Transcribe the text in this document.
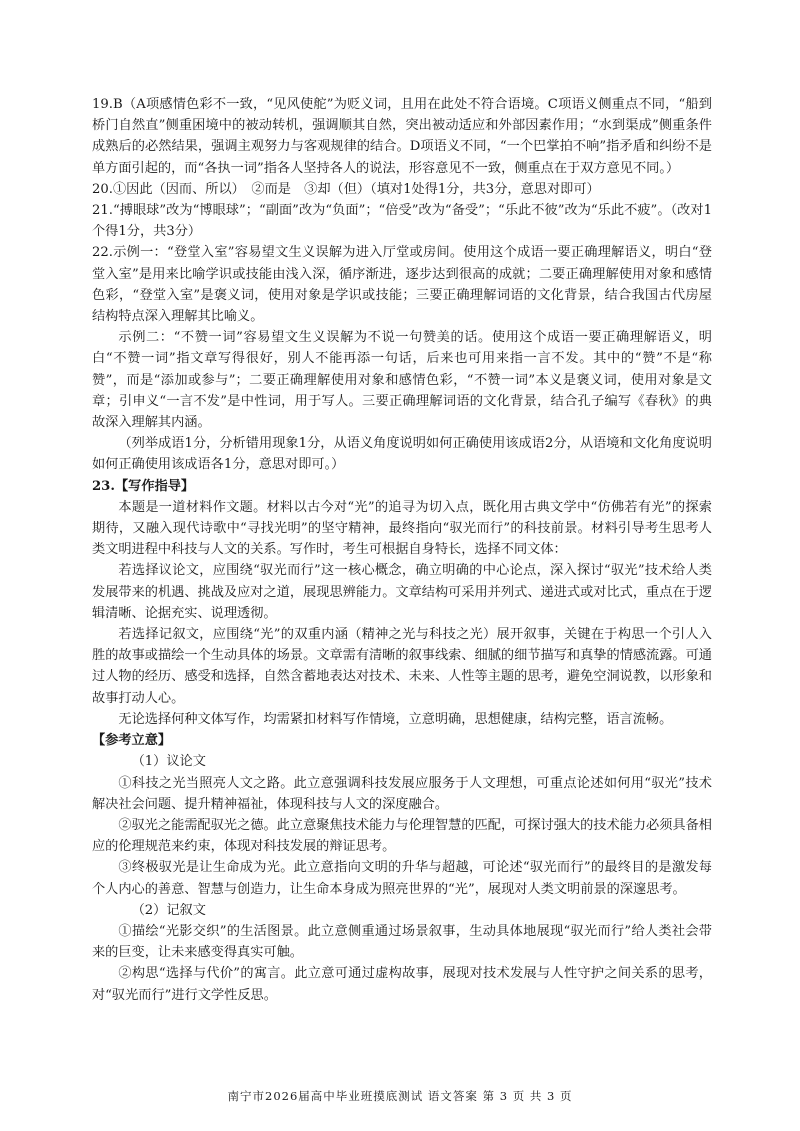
19.B（A项感情色彩不一致，“见风使舵”为贬义词，且用在此处不符合语境。C项语义侧重点不同，“船到桥门自然直”侧重困境中的被动转机，强调顺其自然，突出被动适应和外部因素作用；“水到渠成”侧重条件成熟后的必然结果，强调主观努力与客观规律的结合。D项语义不同，“一个巴掌拍不响”指矛盾和纠纷不是单方面引起的，而“各执一词”指各人坚持各人的说法，形容意见不一致，侧重点在于双方意见不同。）

20.①因此（因而、所以）　②而是　③却（但）（填对1处得1分，共3分，意思对即可）

21.“搏眼球”改为“博眼球”；“副面”改为“负面”；“倍受”改为“备受”；“乐此不彼”改为“乐此不疲”。（改对1个得1分，共3分）

22.示例一：“登堂入室”容易望文生义误解为进入厅堂或房间。使用这个成语一要正确理解语义，明白“登堂入室”是用来比喻学识或技能由浅入深，循序渐进，逐步达到很高的成就；二要正确理解使用对象和感情色彩，“登堂入室”是褒义词，使用对象是学识或技能；三要正确理解词语的文化背景，结合我国古代房屋结构特点深入理解其比喻义。

示例二：“不赞一词”容易望文生义误解为不说一句赞美的话。使用这个成语一要正确理解语义，明白“不赞一词”指文章写得很好，别人不能再添一句话，后来也可用来指一言不发。其中的“赞”不是“称赞”，而是“添加或参与”；二要正确理解使用对象和感情色彩，“不赞一词”本义是褒义词，使用对象是文章；引申义“一言不发”是中性词，用于写人。三要正确理解词语的文化背景，结合孔子编写《春秋》的典故深入理解其内涵。

（列举成语1分，分析错用现象1分，从语义角度说明如何正确使用该成语2分，从语境和文化角度说明如何正确使用该成语各1分，意思对即可。）

23.【写作指导】

本题是一道材料作文题。材料以古今对“光”的追寻为切入点，既化用古典文学中“仿佛若有光”的探索期待，又融入现代诗歌中“寻找光明”的坚守精神，最终指向“驭光而行”的科技前景。材料引导考生思考人类文明进程中科技与人文的关系。写作时，考生可根据自身特长，选择不同文体：

若选择议论文，应围绕“驭光而行”这一核心概念，确立明确的中心论点，深入探讨“驭光”技术给人类发展带来的机遇、挑战及应对之道，展现思辨能力。文章结构可采用并列式、递进式或对比式，重点在于逻辑清晰、论据充实、说理透彻。

若选择记叙文，应围绕“光”的双重内涵（精神之光与科技之光）展开叙事，关键在于构思一个引人入胜的故事或描绘一个生动具体的场景。文章需有清晰的叙事线索、细腻的细节描写和真挚的情感流露。可通过人物的经历、感受和选择，自然含蓄地表达对技术、未来、人性等主题的思考，避免空洞说教，以形象和故事打动人心。

无论选择何种文体写作，均需紧扣材料写作情境，立意明确，思想健康，结构完整，语言流畅。

【参考立意】

（1）议论文

①科技之光当照亮人文之路。此立意强调科技发展应服务于人文理想，可重点论述如何用“驭光”技术解决社会问题、提升精神福祉，体现科技与人文的深度融合。

②驭光之能需配驭光之德。此立意聚焦技术能力与伦理智慧的匹配，可探讨强大的技术能力必须具备相应的伦理规范来约束，体现对科技发展的辩证思考。

③终极驭光是让生命成为光。此立意指向文明的升华与超越，可论述“驭光而行”的最终目的是激发每个人内心的善意、智慧与创造力，让生命本身成为照亮世界的“光”，展现对人类文明前景的深邃思考。

（2）记叙文

①描绘“光影交织”的生活图景。此立意侧重通过场景叙事，生动具体地展现“驭光而行”给人类社会带来的巨变，让未来感变得真实可触。

②构思“选择与代价”的寓言。此立意可通过虚构故事，展现对技术发展与人性守护之间关系的思考，对“驭光而行”进行文学性反思。

南宁市2026届高中毕业班摸底测试 语文答案 第 3 页 共 3 页
